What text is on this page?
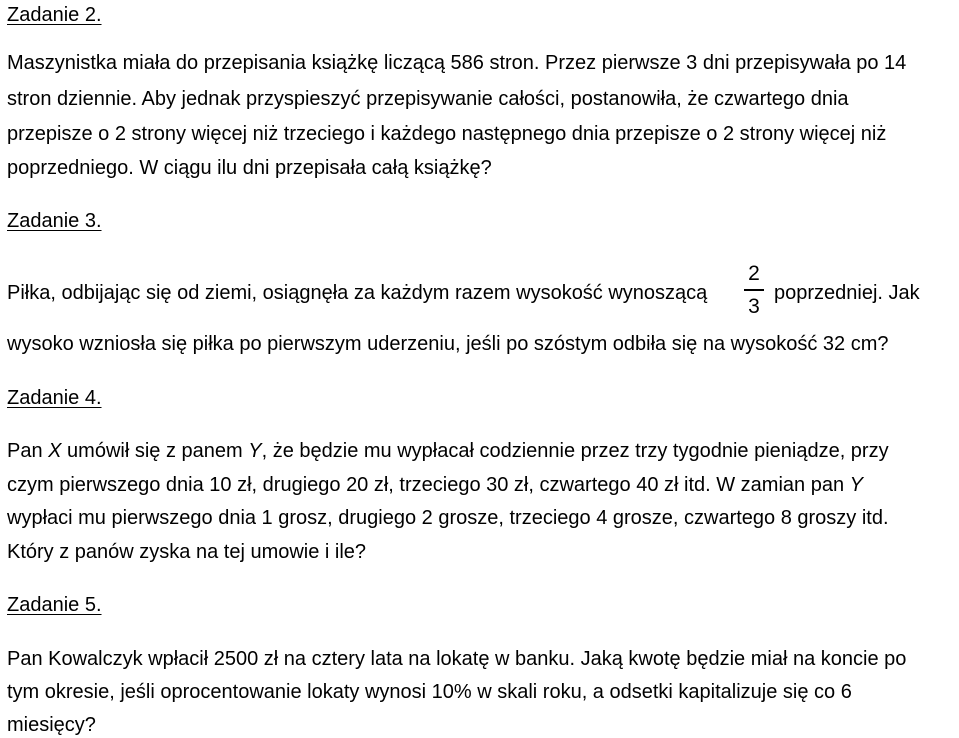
Zadanie 2.
Maszynistka miała do przepisania książkę liczącą 586 stron. Przez pierwsze 3 dni przepisywała po 14
stron dziennie. Aby jednak przyspieszyć przepisywanie całości, postanowiła, że czwartego dnia
przepisze o 2 strony więcej niż trzeciego i każdego następnego dnia przepisze o 2 strony więcej niż
poprzedniego. W ciągu ilu dni przepisała całą książkę?
Zadanie 3.
Piłka, odbijając się od ziemi, osiągnęła za każdym razem wysokość wynoszącą
2
3
poprzedniej. Jak
wysoko wzniosła się piłka po pierwszym uderzeniu, jeśli po szóstym odbiła się na wysokość 32 cm?
Zadanie 4.
Pan X umówił się z panem Y, że będzie mu wypłacał codziennie przez trzy tygodnie pieniądze, przy
czym pierwszego dnia 10 zł, drugiego 20 zł, trzeciego 30 zł, czwartego 40 zł itd. W zamian pan Y
wypłaci mu pierwszego dnia 1 grosz, drugiego 2 grosze, trzeciego 4 grosze, czwartego 8 groszy itd.
Który z panów zyska na tej umowie i ile?
Zadanie 5.
Pan Kowalczyk wpłacił 2500 zł na cztery lata na lokatę w banku. Jaką kwotę będzie miał na koncie po
tym okresie, jeśli oprocentowanie lokaty wynosi 10% w skali roku, a odsetki kapitalizuje się co 6
miesięcy?
